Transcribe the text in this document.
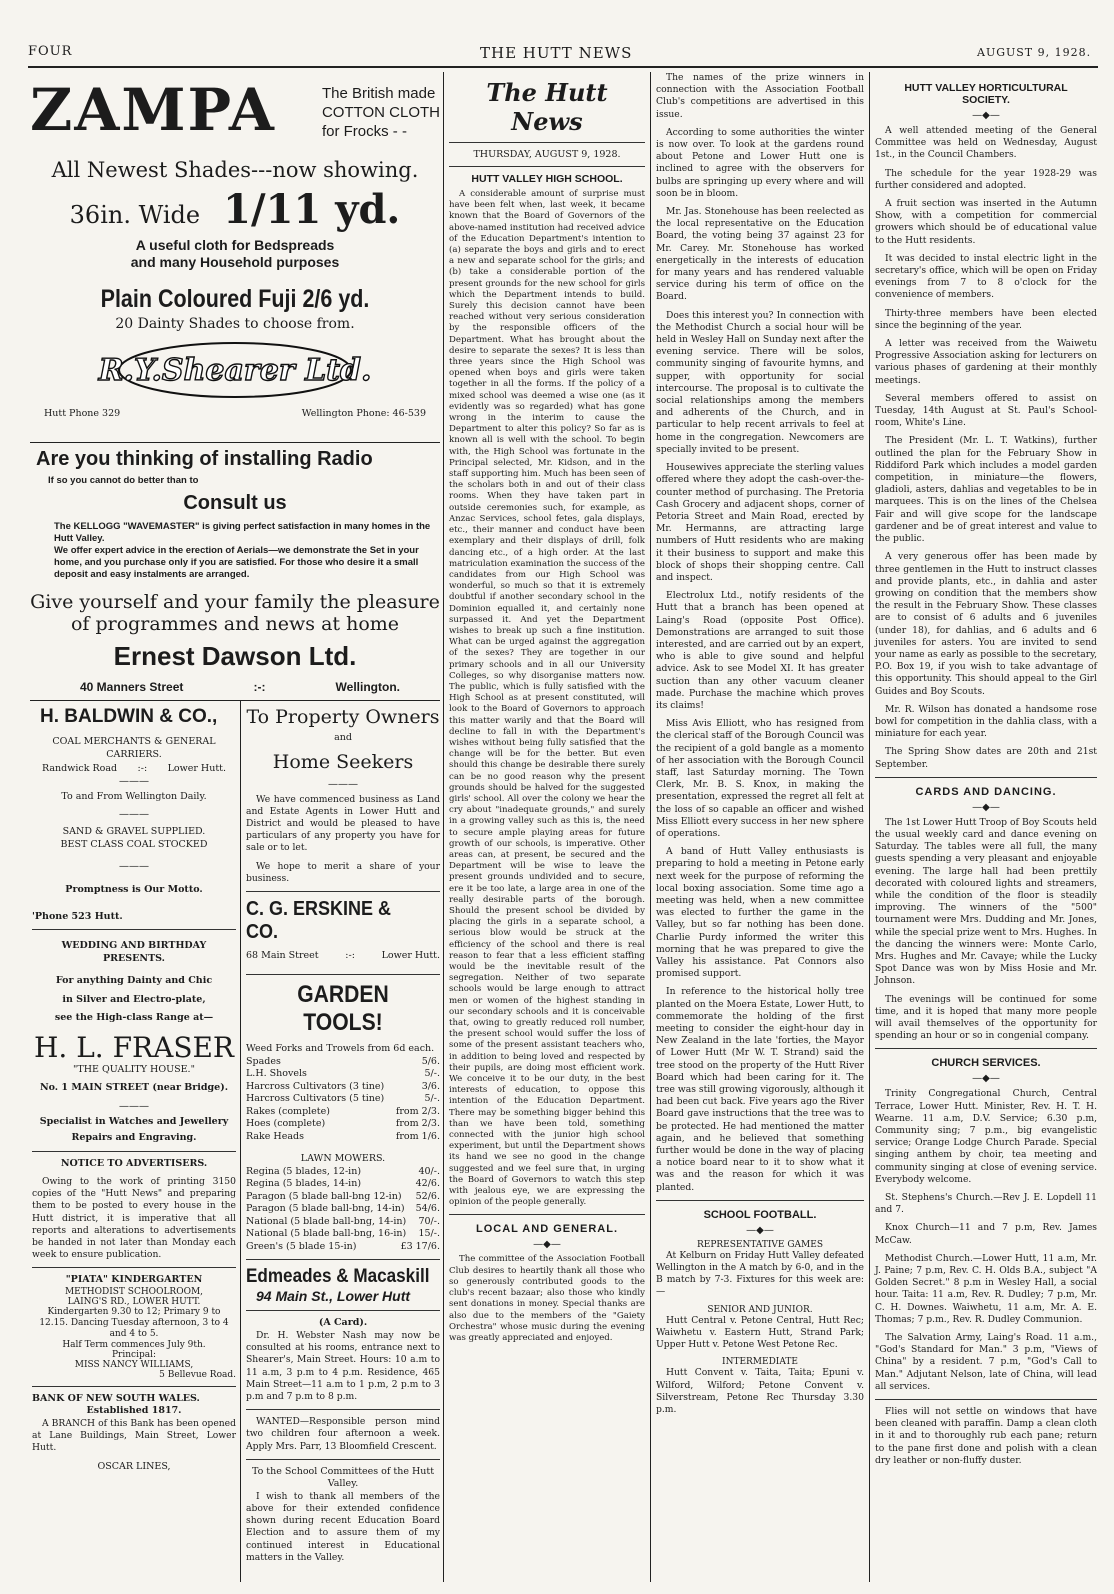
FOUR	THE HUTT NEWS	AUGUST 9, 1928.
ZAMPA	The British made
COTTON CLOTH
for Frocks - -
All Newest Shades---now showing.
36in. Wide 1/11 yd.
A useful cloth for Bedspreads
and many Household purposes
Plain Coloured Fuji 2/6 yd.
20 Dainty Shades to choose from.
R.Y.Shearer Ltd.
Hutt Phone 329	Wellington Phone: 46-539
Are you thinking of installing Radio
If so you cannot do better than to
Consult us
The KELLOGG "WAVEMASTER" is giving perfect satisfaction in many homes in the Hutt Valley.
We offer expert advice in the erection of Aerials—we demonstrate the Set in your home, and you purchase only if you are satisfied. For those who desire it a small deposit and easy instalments are arranged.
Give yourself and your family the pleasure of programmes and news at home
Ernest Dawson Ltd.
40 Manners Street	:-:	Wellington.
H. BALDWIN & CO.,
COAL MERCHANTS & GENERAL CARRIERS.
Randwick Road :-: Lower Hutt.
———
To and From Wellington Daily.
———
SAND & GRAVEL SUPPLIED.
BEST CLASS COAL STOCKED
———
Promptness is Our Motto.
'Phone 523 Hutt.
WEDDING AND BIRTHDAY PRESENTS.
For anything Dainty and Chic
in Silver and Electro-plate,
see the High-class Range at—
H. L. FRASER
"THE QUALITY HOUSE."
No. 1 MAIN STREET (near Bridge).
———
Specialist in Watches and Jewellery
Repairs and Engraving.
NOTICE TO ADVERTISERS.

Owing to the work of printing 3150 copies of the "Hutt News" and preparing them to be posted to every house in the Hutt district, it is imperative that all reports and alterations to advertisements be handed in not later than Monday each week to ensure publication.

"PIATA" KINDERGARTEN
METHODIST SCHOOLROOM,
LAING'S RD., LOWER HUTT.
Kindergarten 9.30 to 12; Primary 9 to 12.15. Dancing Tuesday afternoon, 3 to 4 and 4 to 5.
Half Term commences July 9th.
Principal:
MISS NANCY WILLIAMS,
5 Bellevue Road.
BANK OF NEW SOUTH WALES.
Established 1817.

A BRANCH of this Bank has been opened at Lane Buildings, Main Street, Lower Hutt.

OSCAR LINES,
To Property Owners
and
Home Seekers
———

We have commenced business as Land and Estate Agents in Lower Hutt and District and would be pleased to have particulars of any property you have for sale or to let.

We hope to merit a share of your business.

C. G. ERSKINE & CO.
68 Main Street	:-:	Lower Hutt.
GARDEN TOOLS!
Weed Forks and Trowels from 6d each.
Spades	5/6.
L.H. Shovels	5/-.
Harcross Cultivators (3 tine)	3/6.
Harcross Cultivators (5 tine)	5/-.
Rakes (complete)	from 2/3.
Hoes (complete)	from 2/3.
Rake Heads	from 1/6.
LAWN MOWERS.
Regina (5 blades, 12-in)	40/-.
Regina (5 blades, 14-in)	42/6.
Paragon (5 blade ball-bng 12-in) 52/6.
Paragon (5 blade ball-bng, 14-in) 54/6.
National (5 blade ball-bng, 14-in) 70/-.
National (5 blade ball-bng, 16-in) 15/-.
Green's (5 blade 15-in)	£3 17/6.
Edmeades & Macaskill
94 Main St., Lower Hutt
(A Card).

Dr. H. Webster Nash may now be consulted at his rooms, entrance next to Shearer's, Main Street. Hours: 10 a.m to 11 a.m, 3 p.m to 4 p.m. Residence, 465 Main Street—11 a.m to 1 p.m, 2 p.m to 3 p.m and 7 p.m to 8 p.m.

WANTED—Responsible person mind two children four afternoon a week. Apply Mrs. Parr, 13 Bloomfield Crescent.

To the School Committees of the Hutt Valley.

I wish to thank all members of the above for their extended confidence shown during recent Education Board Election and to assure them of my continued interest in Educational matters in the Valley.

The Hutt News
THURSDAY, AUGUST 9, 1928.
HUTT VALLEY HIGH SCHOOL.

A considerable amount of surprise must have been felt when, last week, it became known that the Board of Governors of the above-named institution had received advice of the Education Department's intention to (a) separate the boys and girls and to erect a new and separate school for the girls; and (b) take a considerable portion of the present grounds for the new school for girls which the Department intends to build. Surely this decision cannot have been reached without very serious consideration by the responsible officers of the Department. What has brought about the desire to separate the sexes? It is less than three years since the High School was opened when boys and girls were taken together in all the forms. If the policy of a mixed school was deemed a wise one (as it evidently was so regarded) what has gone wrong in the interim to cause the Department to alter this policy? So far as is known all is well with the school. To begin with, the High School was fortunate in the Principal selected, Mr. Kidson, and in the staff supporting him. Much has been seen of the scholars both in and out of their class rooms. When they have taken part in outside ceremonies such, for example, as Anzac Services, school fetes, gala displays, etc., their manner and conduct have been exemplary and their displays of drill, folk dancing etc., of a high order. At the last matriculation examination the success of the candidates from our High School was wonderful, so much so that it is extremely doubtful if another secondary school in the Dominion equalled it, and certainly none surpassed it. And yet the Department wishes to break up such a fine institution. What can be urged against the aggregation of the sexes? They are together in our primary schools and in all our University Colleges, so why disorganise matters now. The public, which is fully satisfied with the High School as at present constituted, will look to the Board of Governors to approach this matter warily and that the Board will decline to fall in with the Department's wishes without being fully satisfied that the change will be for the better. But even should this change be desirable there surely can be no good reason why the present grounds should be halved for the suggested girls' school. All over the colony we hear the cry about "inadequate grounds," and surely in a growing valley such as this is, the need to secure ample playing areas for future growth of our schools, is imperative. Other areas can, at present, be secured and the Department will be wise to leave the present grounds undivided and to secure, ere it be too late, a large area in one of the really desirable parts of the borough. Should the present school be divided by placing the girls in a separate school, a serious blow would be struck at the efficiency of the school and there is real reason to fear that a less efficient staffing would be the inevitable result of the segregation. Neither of two separate schools would be large enough to attract men or women of the highest standing in our secondary schools and it is conceivable that, owing to greatly reduced roll number, the present school would suffer the loss of some of the present assistant teachers who, in addition to being loved and respected by their pupils, are doing most efficient work. We conceive it to be our duty, in the best interests of education, to oppose this intention of the Education Department. There may be something bigger behind this than we have been told, something connected with the junior high school experiment, but until the Department shows its hand we see no good in the change suggested and we feel sure that, in urging the Board of Governors to watch this step with jealous eye, we are expressing the opinion of the people generally.

LOCAL AND GENERAL.
—◆—

The committee of the Association Football Club desires to heartily thank all those who so generously contributed goods to the club's recent bazaar; also those who kindly sent donations in money. Special thanks are also due to the members of the "Gaiety Orchestra" whose music during the evening was greatly appreciated and enjoyed.

The names of the prize winners in connection with the Association Football Club's competitions are advertised in this issue.

According to some authorities the winter is now over. To look at the gardens round about Petone and Lower Hutt one is inclined to agree with the observers for bulbs are springing up every where and will soon be in bloom.

Mr. Jas. Stonehouse has been reelected as the local representative on the Education Board, the voting being 37 against 23 for Mr. Carey. Mr. Stonehouse has worked energetically in the interests of education for many years and has rendered valuable service during his term of office on the Board.

Does this interest you? In connection with the Methodist Church a social hour will be held in Wesley Hall on Sunday next after the evening service. There will be solos, community singing of favourite hymns, and supper, with opportunity for social intercourse. The proposal is to cultivate the social relationships among the members and adherents of the Church, and in particular to help recent arrivals to feel at home in the congregation. Newcomers are specially invited to be present.

Housewives appreciate the sterling values offered where they adopt the cash-over-the-counter method of purchasing. The Pretoria Cash Grocery and adjacent shops, corner of Petoria Street and Main Road, erected by Mr. Hermanns, are attracting large numbers of Hutt residents who are making it their business to support and make this block of shops their shopping centre. Call and inspect.

Electrolux Ltd., notify residents of the Hutt that a branch has been opened at Laing's Road (opposite Post Office). Demonstrations are arranged to suit those interested, and are carried out by an expert, who is able to give sound and helpful advice. Ask to see Model XI. It has greater suction than any other vacuum cleaner made. Purchase the machine which proves its claims!

Miss Avis Elliott, who has resigned from the clerical staff of the Borough Council was the recipient of a gold bangle as a momento of her association with the Borough Council staff, last Saturday morning. The Town Clerk, Mr. B. S. Knox, in making the presentation, expressed the regret all felt at the loss of so capable an officer and wished Miss Elliott every success in her new sphere of operations.

A band of Hutt Valley enthusiasts is preparing to hold a meeting in Petone early next week for the purpose of reforming the local boxing association. Some time ago a meeting was held, when a new committee was elected to further the game in the Valley, but so far nothing has been done. Charlie Purdy informed the writer this morning that he was prepared to give the Valley his assistance. Pat Connors also promised support.

In reference to the historical holly tree planted on the Moera Estate, Lower Hutt, to commemorate the holding of the first meeting to consider the eight-hour day in New Zealand in the late 'forties, the Mayor of Lower Hutt (Mr W. T. Strand) said the tree stood on the property of the Hutt River Board which had been caring for it. The tree was still growing vigorously, although it had been cut back. Five years ago the River Board gave instructions that the tree was to be protected. He had mentioned the matter again, and he believed that something further would be done in the way of placing a notice board near to it to show what it was and the reason for which it was planted.

SCHOOL FOOTBALL.
—◆—
REPRESENTATIVE GAMES

At Kelburn on Friday Hutt Valley defeated Wellington in the A match by 6-0, and in the B match by 7-3. Fixtures for this week are:—

SENIOR AND JUNIOR.

Hutt Central v. Petone Central, Hutt Rec; Waiwhetu v. Eastern Hutt, Strand Park; Upper Hutt v. Petone West Petone Rec.

INTERMEDIATE

Hutt Convent v. Taita, Taita; Epuni v. Wilford, Wilford; Petone Convent v. Silverstream, Petone Rec Thursday 3.30 p.m.

HUTT VALLEY HORTICULTURAL SOCIETY.
—◆—

A well attended meeting of the General Committee was held on Wednesday, August 1st., in the Council Chambers.

The schedule for the year 1928-29 was further considered and adopted.

A fruit section was inserted in the Autumn Show, with a competition for commercial growers which should be of educational value to the Hutt residents.

It was decided to instal electric light in the secretary's office, which will be open on Friday evenings from 7 to 8 o'clock for the convenience of members.

Thirty-three members have been elected since the beginning of the year.

A letter was received from the Waiwetu Progressive Association asking for lecturers on various phases of gardening at their monthly meetings.

Several members offered to assist on Tuesday, 14th August at St. Paul's School-room, White's Line.

The President (Mr. L. T. Watkins), further outlined the plan for the February Show in Riddiford Park which includes a model garden competition, in miniature—the flowers, gladioli, asters, dahlias and vegetables to be in marquees. This is on the lines of the Chelsea Fair and will give scope for the landscape gardener and be of great interest and value to the public.

A very generous offer has been made by three gentlemen in the Hutt to instruct classes and provide plants, etc., in dahlia and aster growing on condition that the members show the result in the February Show. These classes are to consist of 6 adults and 6 juveniles (under 18), for dahlias, and 6 adults and 6 juveniles for asters. You are invited to send your name as early as possible to the secretary, P.O. Box 19, if you wish to take advantage of this opportunity. This should appeal to the Girl Guides and Boy Scouts.

Mr. R. Wilson has donated a handsome rose bowl for competition in the dahlia class, with a miniature for each year.

The Spring Show dates are 20th and 21st September.

CARDS AND DANCING.
—◆—

The 1st Lower Hutt Troop of Boy Scouts held the usual weekly card and dance evening on Saturday. The tables were all full, the many guests spending a very pleasant and enjoyable evening. The large hall had been prettily decorated with coloured lights and streamers, while the condition of the floor is steadily improving. The winners of the "500" tournament were Mrs. Dudding and Mr. Jones, while the special prize went to Mrs. Hughes. In the dancing the winners were: Monte Carlo, Mrs. Hughes and Mr. Cavaye; while the Lucky Spot Dance was won by Miss Hosie and Mr. Johnson.

The evenings will be continued for some time, and it is hoped that many more people will avail themselves of the opportunity for spending an hour or so in congenial company.

CHURCH SERVICES.
—◆—

Trinity Congregational Church, Central Terrace, Lower Hutt. Minister, Rev. H. T. H. Wearne. 11 a.m, D.V. Service; 6.30 p.m, Community sing; 7 p.m., big evangelistic service; Orange Lodge Church Parade. Special singing anthem by choir, tea meeting and community singing at close of evening service. Everybody welcome.

St. Stephens's Church.—Rev J. E. Lopdell 11 and 7.

Knox Church—11 and 7 p.m, Rev. James McCaw.

Methodist Church.—Lower Hutt, 11 a.m, Mr. J. Paine; 7 p.m, Rev. C. H. Olds B.A., subject "A Golden Secret." 8 p.m in Wesley Hall, a social hour. Taita: 11 a.m, Rev. R. Dudley; 7 p.m, Mr. C. H. Downes. Waiwhetu, 11 a.m, Mr. A. E. Thomas; 7 p.m., Rev. R. Dudley Communion.

The Salvation Army, Laing's Road. 11 a.m., "God's Standard for Man." 3 p.m, "Views of China" by a resident. 7 p.m, "God's Call to Man." Adjutant Nelson, late of China, will lead all services.

Flies will not settle on windows that have been cleaned with paraffin. Damp a clean cloth in it and to thoroughly rub each pane; return to the pane first done and polish with a clean dry leather or non-fluffy duster.
